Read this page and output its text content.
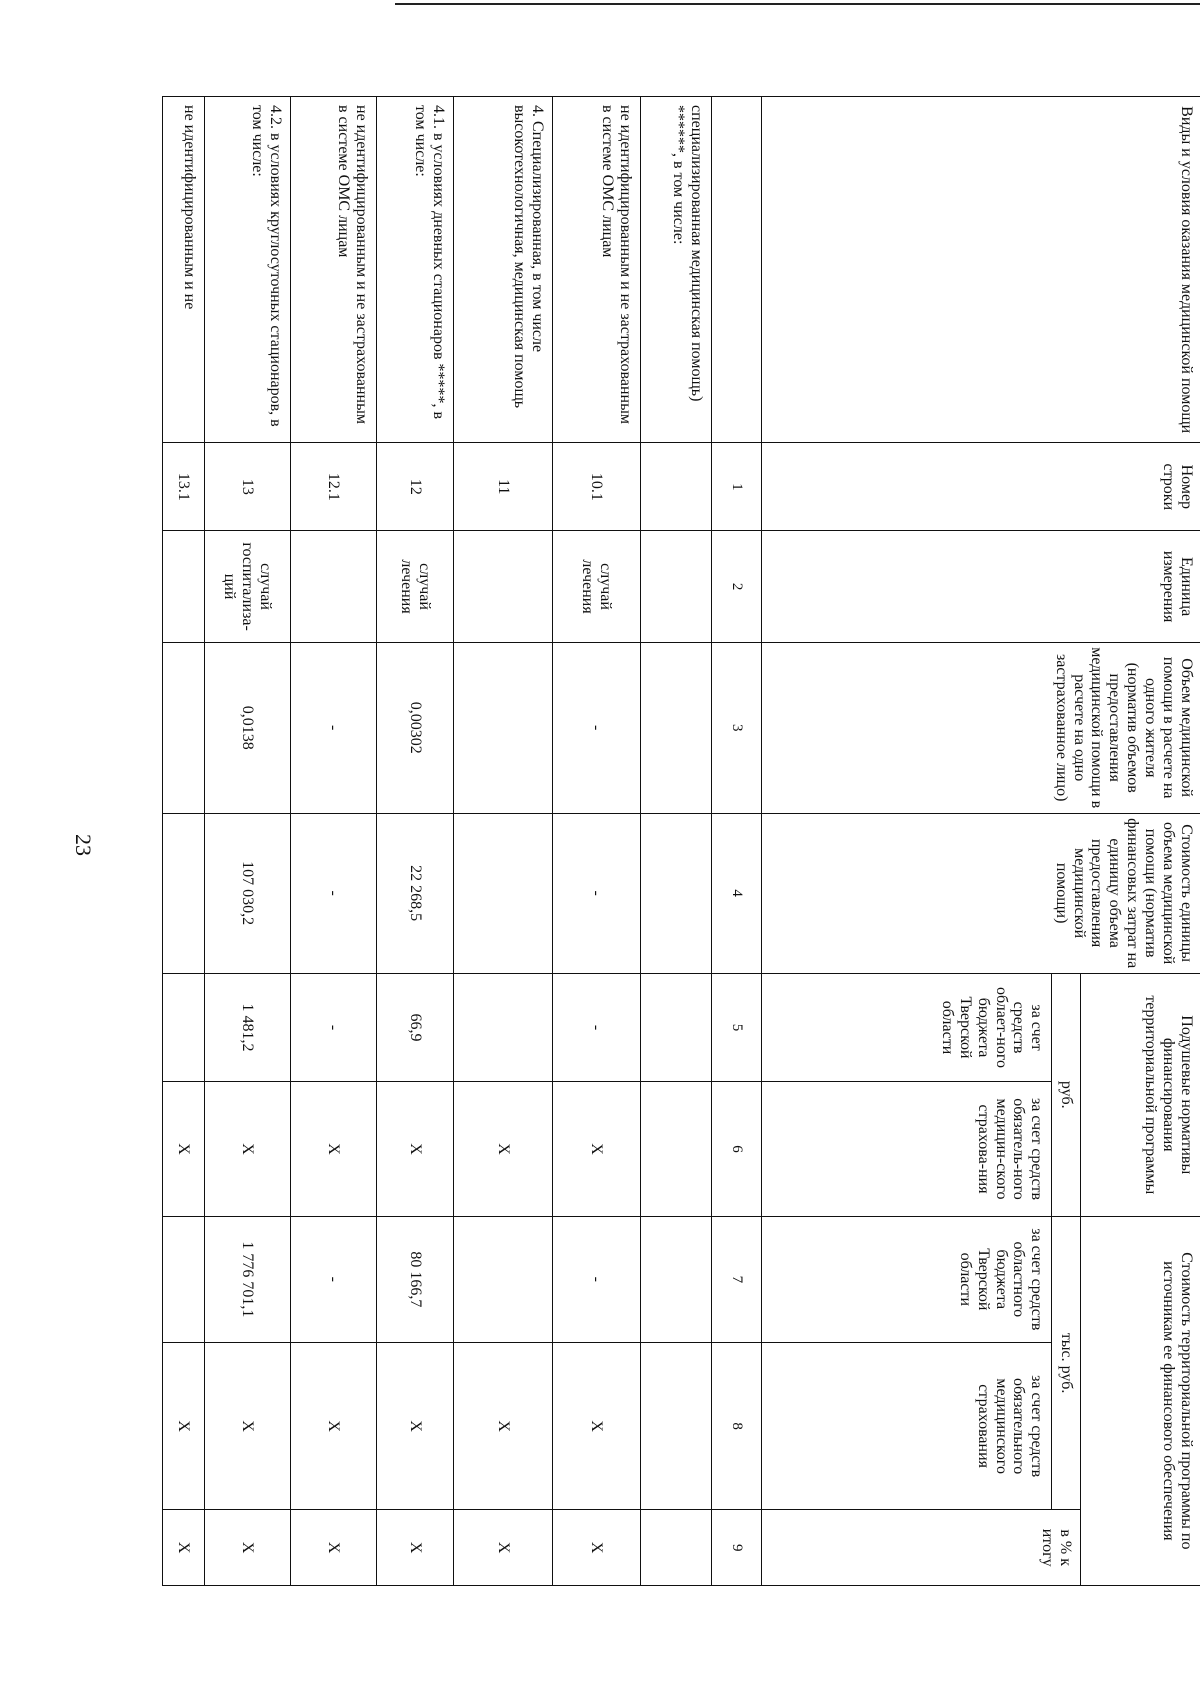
23
Виды и условия оказания медицинской помощи	Номер строки	Единица измерения	Объем медицинской помощи в расчете на одного жителя (норматив объемов предоставления медицинской помощи в расчете на одно застрахованное лицо)	Стоимость единицы объема медицинской помощи (норматив финансовых затрат на единицу объема предоставления медицинской помощи)	Подушевые нормативы финансирования территориальной программы		Стоимость территориальной программы по источникам ее финансового обеспечения		
					руб.		тыс. руб.		в % к итогу
					за счет средств облает-ного бюджета Тверской области	за счет средств обязатель-ного медицин-ского страхова-ния	за счет средств областного бюджета Тверской области	за счет средств обязательного медицинского страхования	
	1	2	3	4	5	6	7	8	9
специализированная медицинская помощь) ******, в том числе:									
не идентифицированным и не застрахованным в системе ОМС лицам	10.1	случай лечения	-	-	-	X	-	X	X
4. Специализированная, в том числе высокотехнологичная, медицинская помощь	11					X		X	X
4.1. в условиях дневных стационаров *****, в том числе:	12	случай лечения	0,00302	22 268,5	66,9	X	80 166,7	X	X
не идентифицированным и не застрахованным в системе ОМС лицам	12.1		-	-	-	X	-	X	X
4.2. в условиях круглосуточных стационаров, в том числе:	13	случай госпитализа-ций	0,0138	107 030,2	1 481,2	X	1 776 701,1	X	X
не идентифицированным и не	13.1					X		X	X
